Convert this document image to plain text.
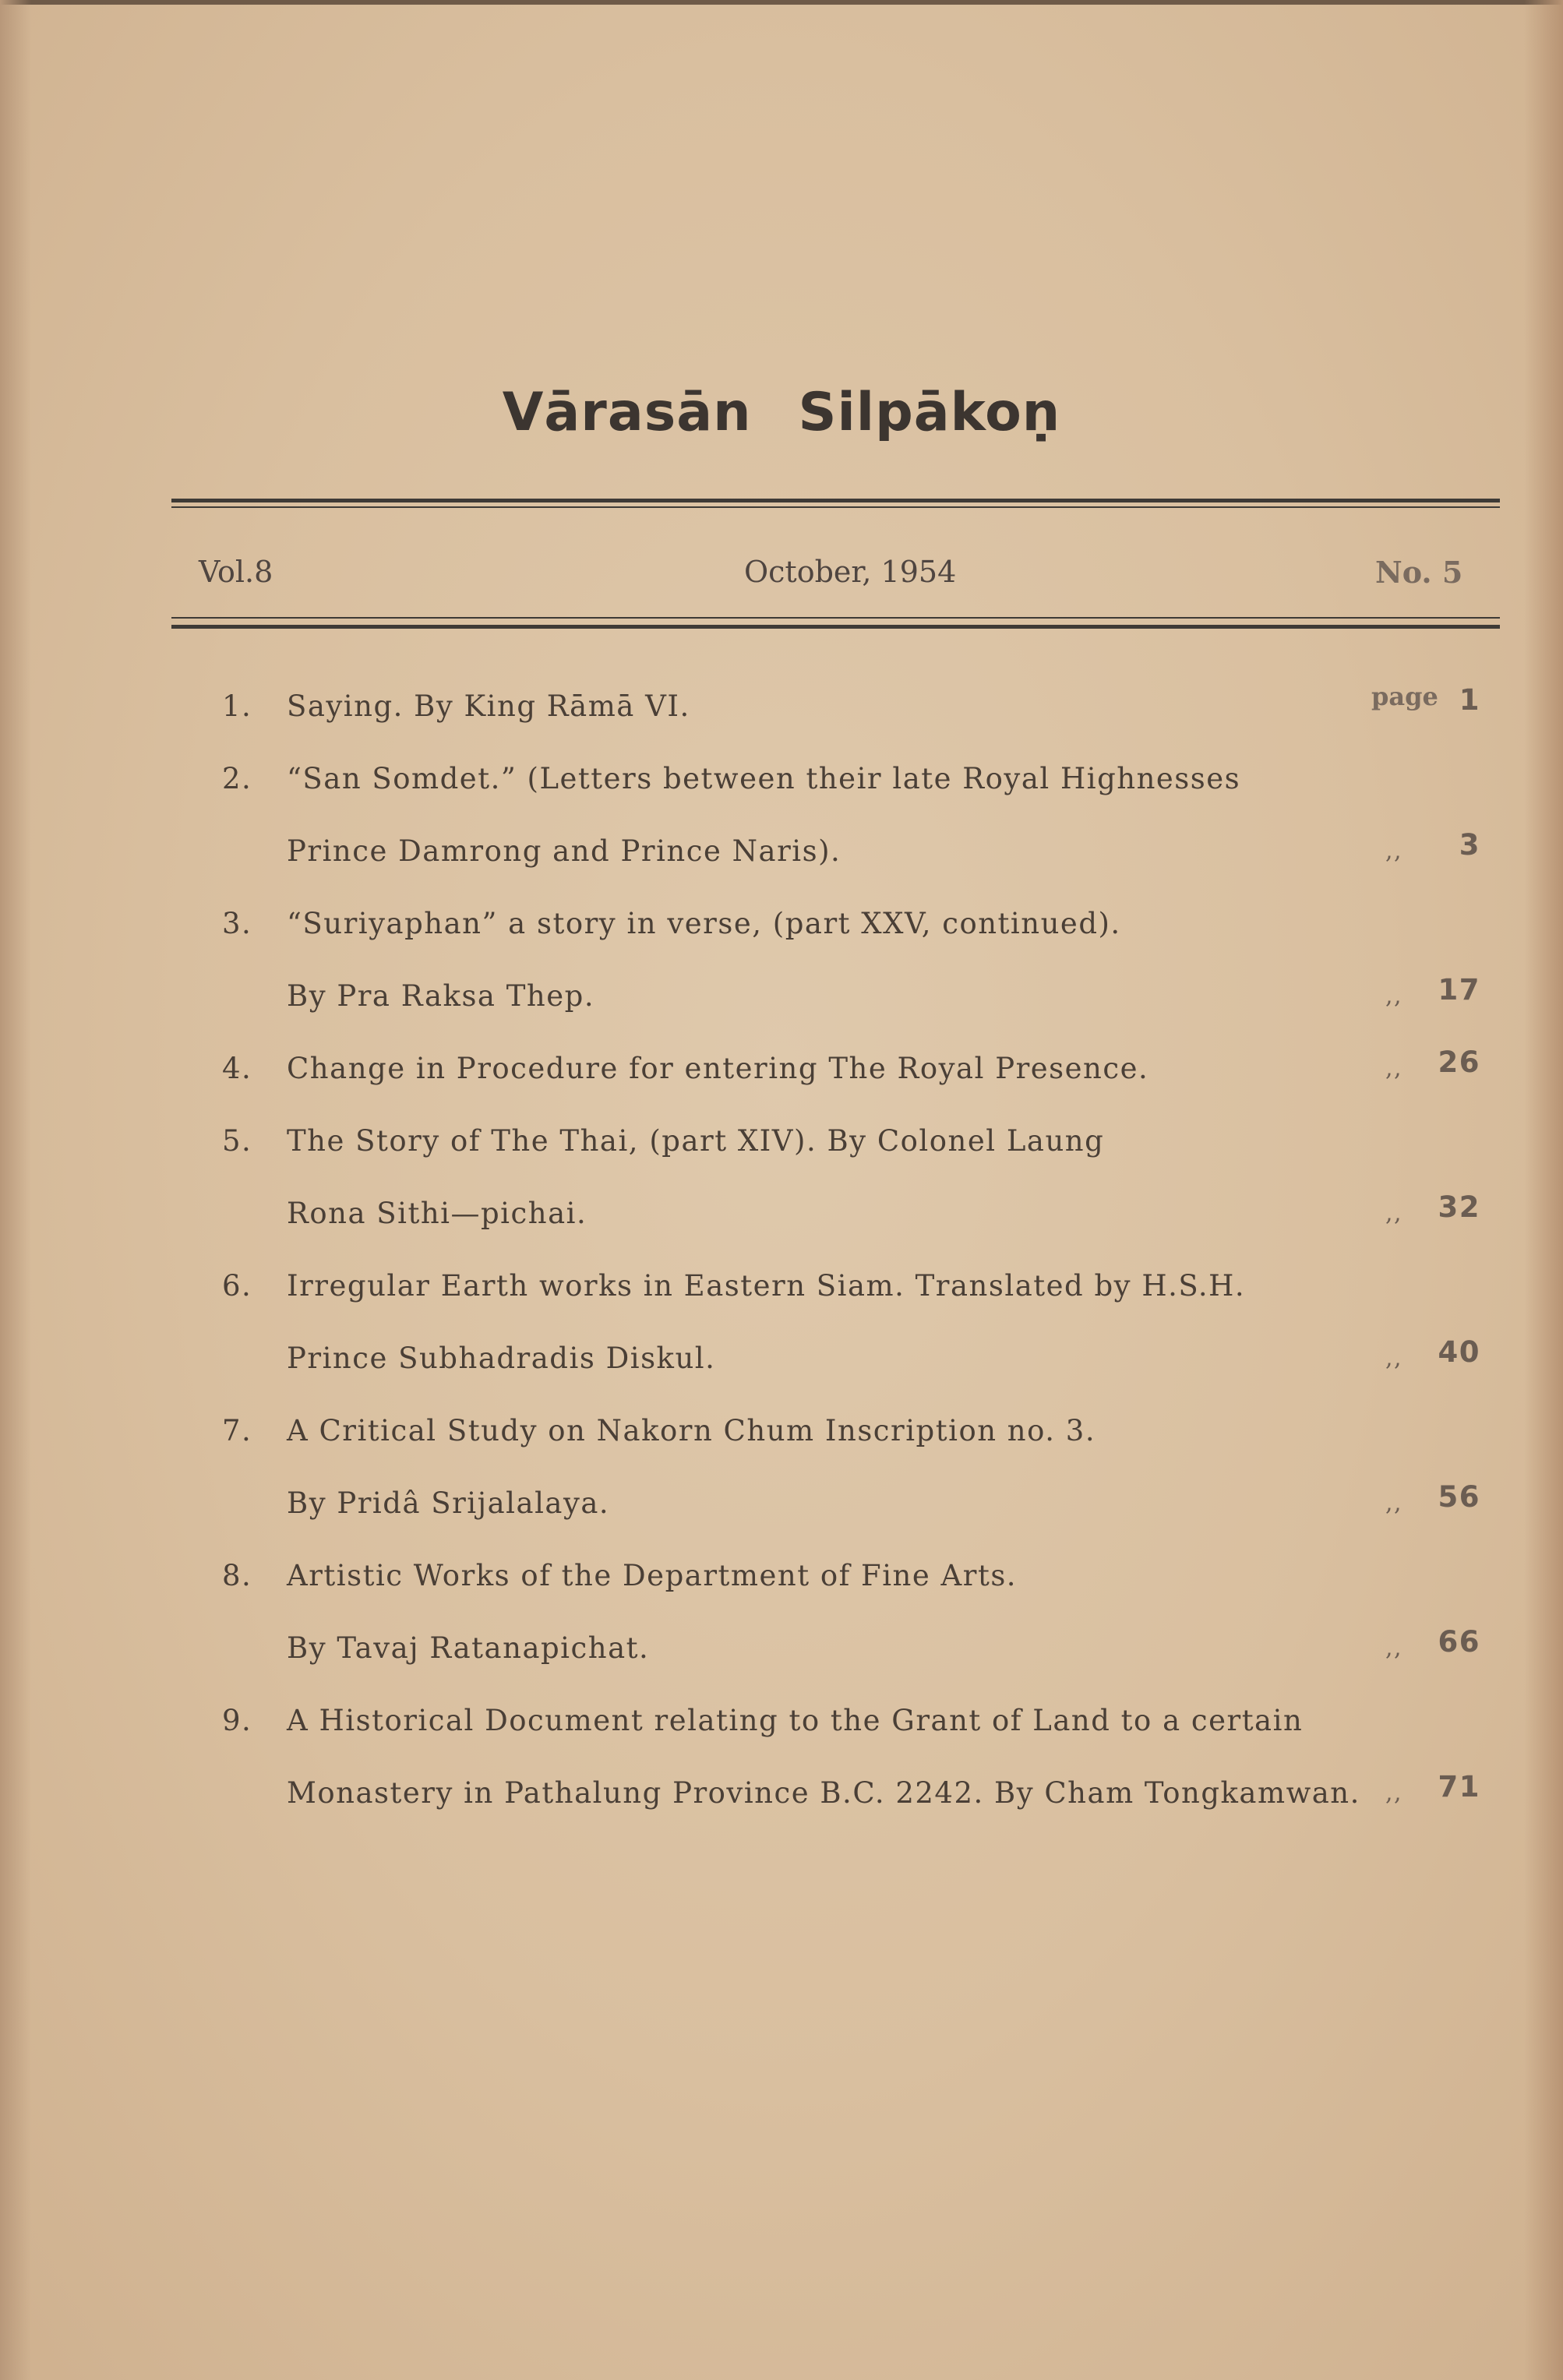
Vārasān Silpākoṇ
Vol.8	October, 1954	No. 5
page
1.	Saying. By King Rāmā VI.	1
2.	“San Somdet.” (Letters between their late Royal Highnesses
Prince Damrong and Prince Naris).	,,	3
3.	“Suriyaphan” a story in verse, (part XXV, continued).
By Pra Raksa Thep.	,, 17
4.	Change in Procedure for entering The Royal Presence.	,, 26
5.	The Story of The Thai, (part XIV). By Colonel Laung
Rona Sithi—pichai.	,, 32
6.	Irregular Earth works in Eastern Siam. Translated by H.S.H.
Prince Subhadradis Diskul.	,, 40
7.	A Critical Study on Nakorn Chum Inscription no. 3.
By Pridâ Srijalalaya.	,, 56
8.	Artistic Works of the Department of Fine Arts.
By Tavaj Ratanapichat.	,, 66
9.	A Historical Document relating to the Grant of Land to a certain
Monastery in Pathalung Province B.C. 2242. By Cham Tongkamwan. ,, 71
